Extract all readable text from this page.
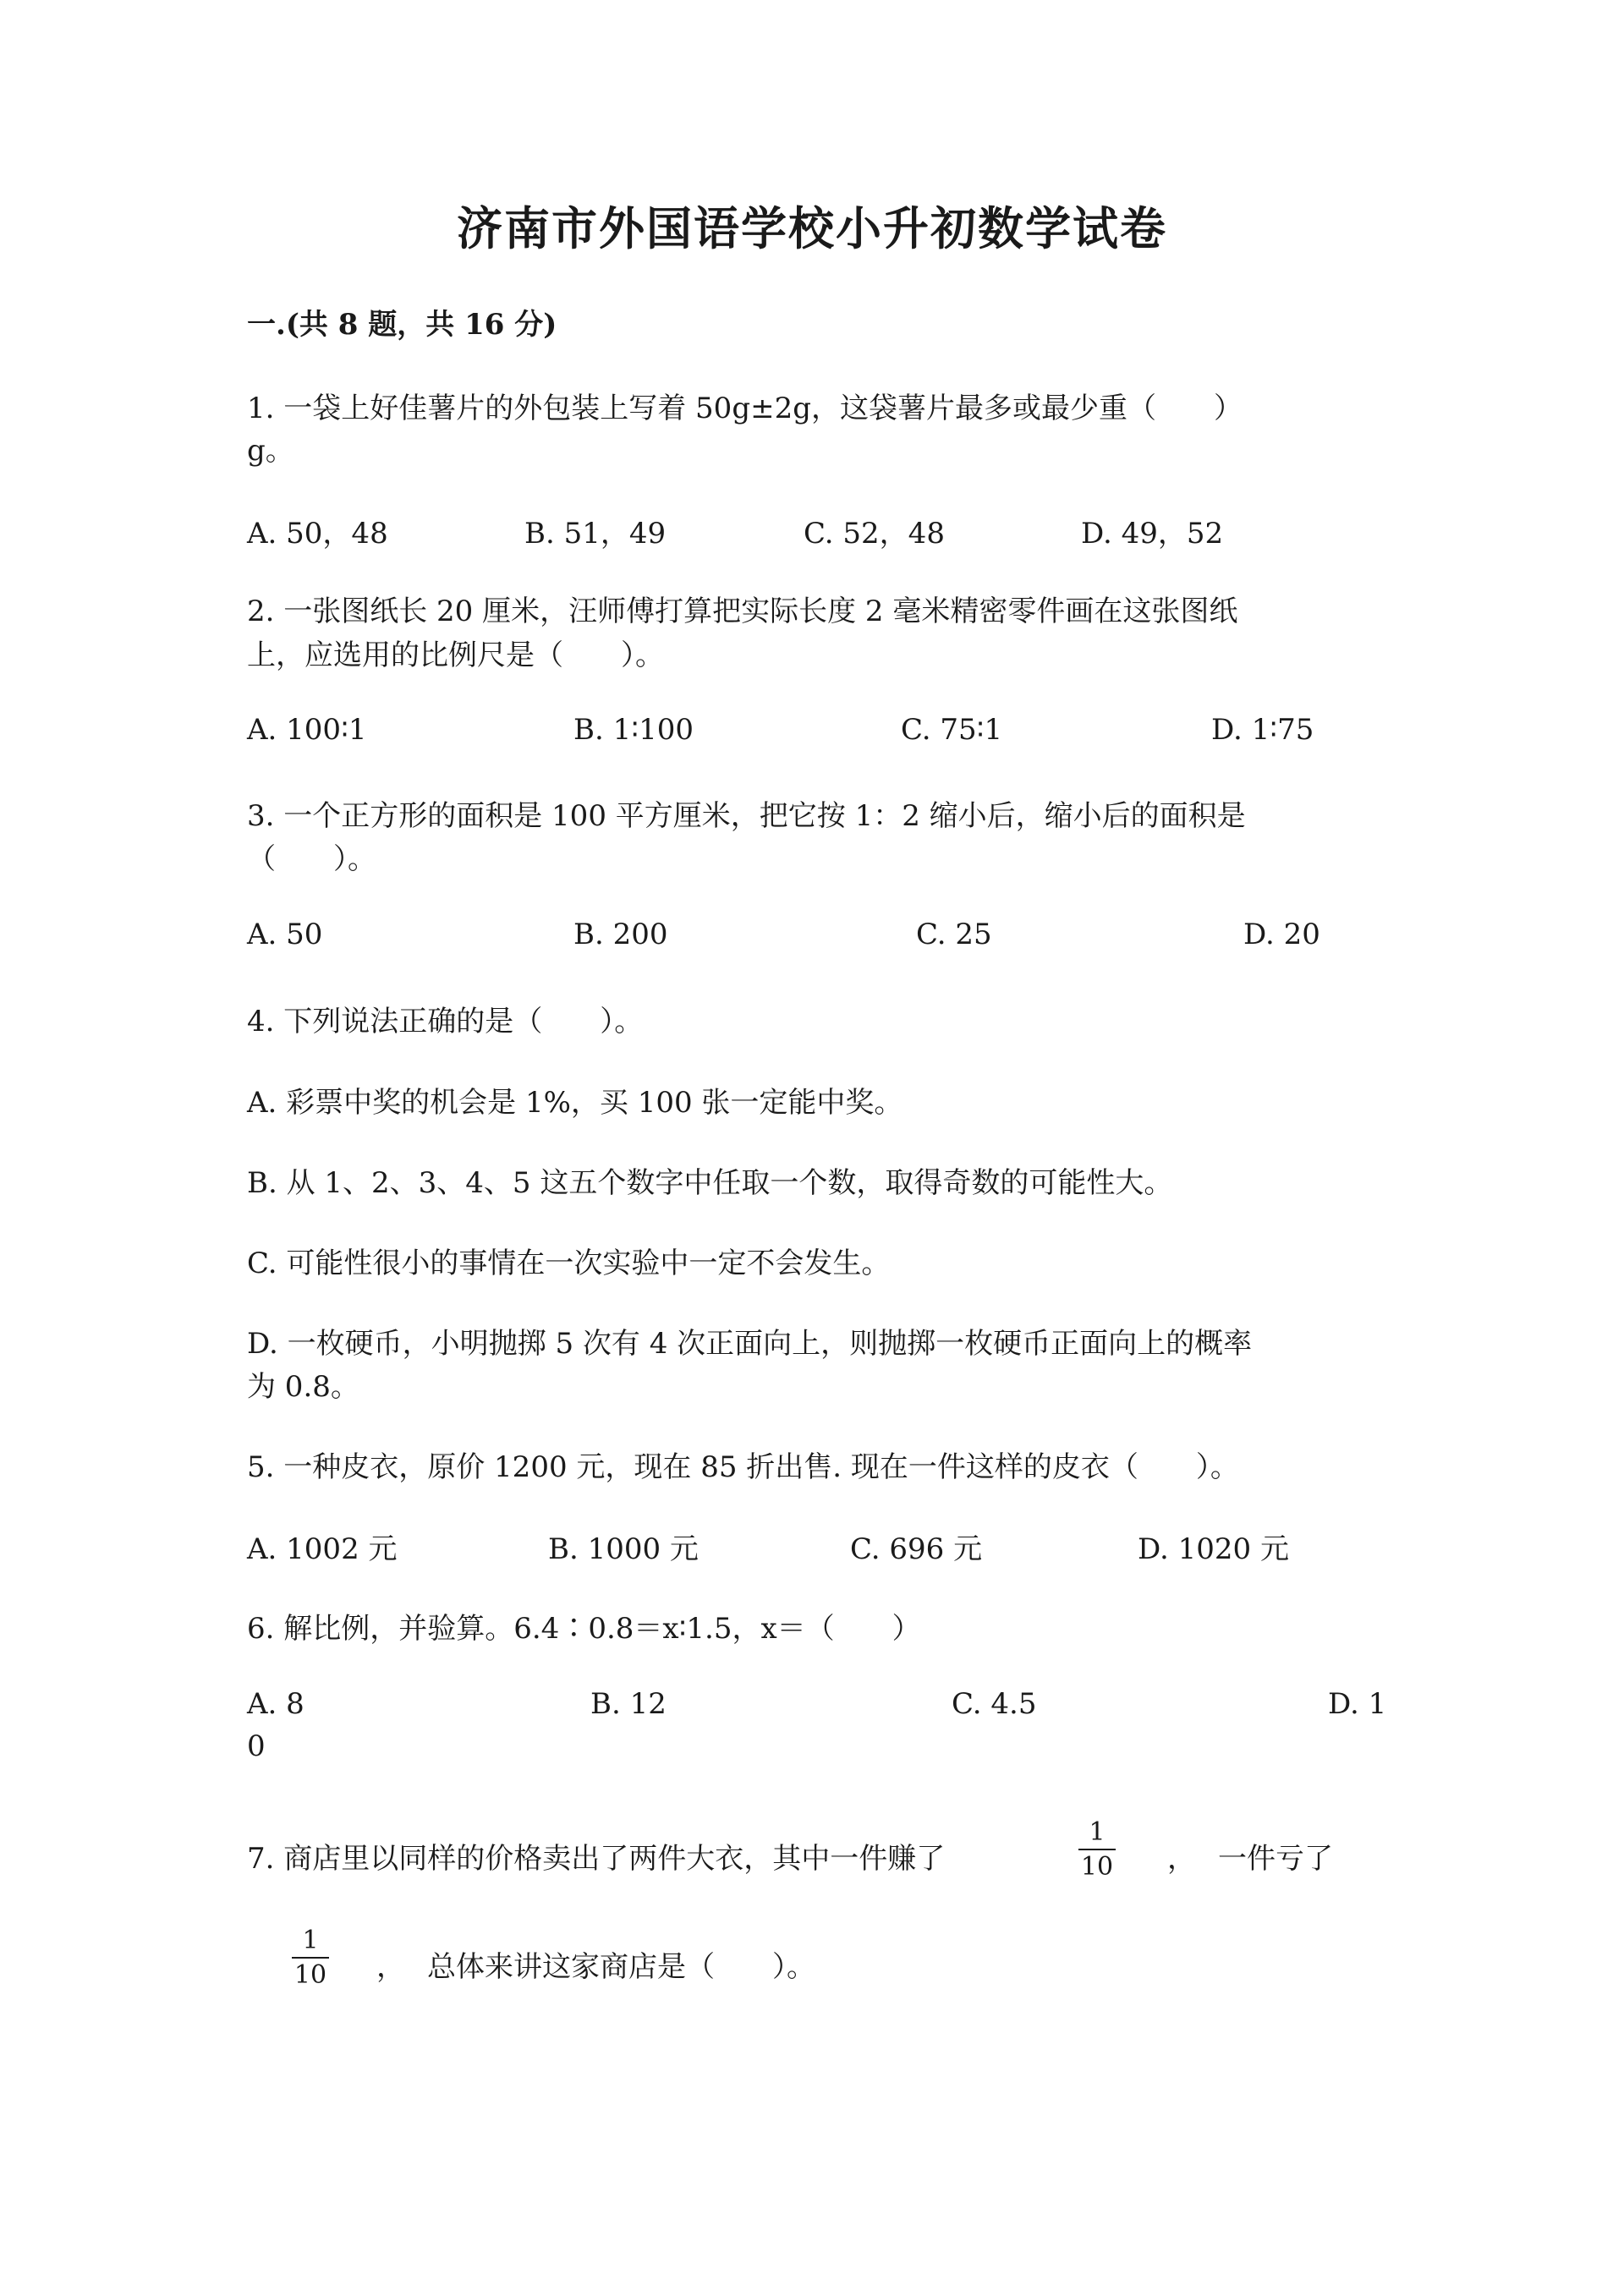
济南市外国语学校小升初数学试卷
一.(共 8 题，共 16 分)
1. 一袋上好佳薯片的外包装上写着 50g±2g，这袋薯片最多或最少重（　　）
g。
A. 50，48	B. 51，49	C. 52，48	D. 49，52
2. 一张图纸长 20 厘米，汪师傅打算把实际长度 2 毫米精密零件画在这张图纸
上，应选用的比例尺是（　　）。
A. 100∶1	B. 1∶100	C. 75∶1	D. 1∶75
3. 一个正方形的面积是 100 平方厘米，把它按 1：2 缩小后，缩小后的面积是
（　　）。
A. 50	B. 200	C. 25	D. 20
4. 下列说法正确的是（　　）。
A. 彩票中奖的机会是 1%，买 100 张一定能中奖。
B. 从 1、2、3、4、5 这五个数字中任取一个数，取得奇数的可能性大。
C. 可能性很小的事情在一次实验中一定不会发生。
D. 一枚硬币，小明抛掷 5 次有 4 次正面向上，则抛掷一枚硬币正面向上的概率
为 0.8。
5. 一种皮衣，原价 1200 元，现在 85 折出售. 现在一件这样的皮衣（　　）。
A. 1002 元	B. 1000 元	C. 696 元	D. 1020 元
6. 解比例，并验算。6.4∶0.8＝x∶1.5，x＝（　　）
A. 8	B. 12	C. 4.5	D. 1
0
7. 商店里以同样的价格卖出了两件大衣，其中一件赚了
1
10 ， 一件亏了
1
10 ， 总体来讲这家商店是（　　）。
